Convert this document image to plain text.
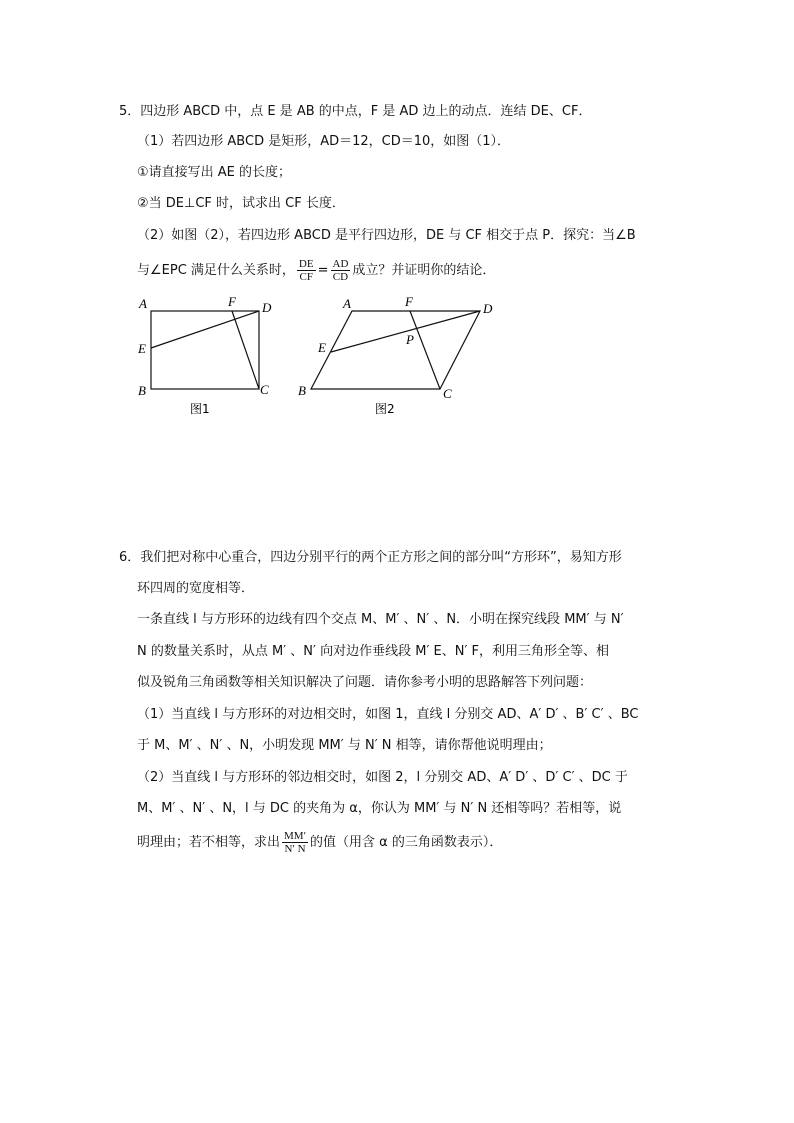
5．四边形 ABCD 中，点 E 是 AB 的中点，F 是 AD 边上的动点．连结 DE、CF．
（1）若四边形 ABCD 是矩形，AD＝12，CD＝10，如图（1）．
①请直接写出 AE 的长度；
②当 DE⊥CF 时，试求出 CF 长度．
（2）如图（2），若四边形 ABCD 是平行四边形，DE 与 CF 相交于点 P．探究：当∠B
与∠EPC 满足什么关系时， $\frac{DE}{CF} = \frac{AD}{CD}$ 成立？并证明你的结论．
A	F D
E
B	C
图1
A	F	D
E
P
B	C
图2
6．我们把对称中心重合，四边分别平行的两个正方形之间的部分叫“方形环”，易知方形
环四周的宽度相等．
一条直线 l 与方形环的边线有四个交点 M、M′ 、N′ 、N．小明在探究线段 MM′ 与 N′
N 的数量关系时，从点 M′ 、N′ 向对边作垂线段 M′ E、N′ F，利用三角形全等、相
似及锐角三角函数等相关知识解决了问题．请你参考小明的思路解答下列问题：
（1）当直线 l 与方形环的对边相交时，如图 1，直线 l 分别交 AD、A′ D′ 、B′ C′ 、BC
于 M、M′ 、N′ 、N，小明发现 MM′ 与 N′ N 相等，请你帮他说明理由；
（2）当直线 l 与方形环的邻边相交时，如图 2，l 分别交 AD、A′ D′ 、D′ C′ 、DC 于
M、M′ 、N′ 、N，l 与 DC 的夹角为 α，你认为 MM′ 与 N′ N 还相等吗？若相等，说
明理由；若不相等，求出 $\frac{MM'}{N' N}$ 的值（用含 α 的三角函数表示）．
